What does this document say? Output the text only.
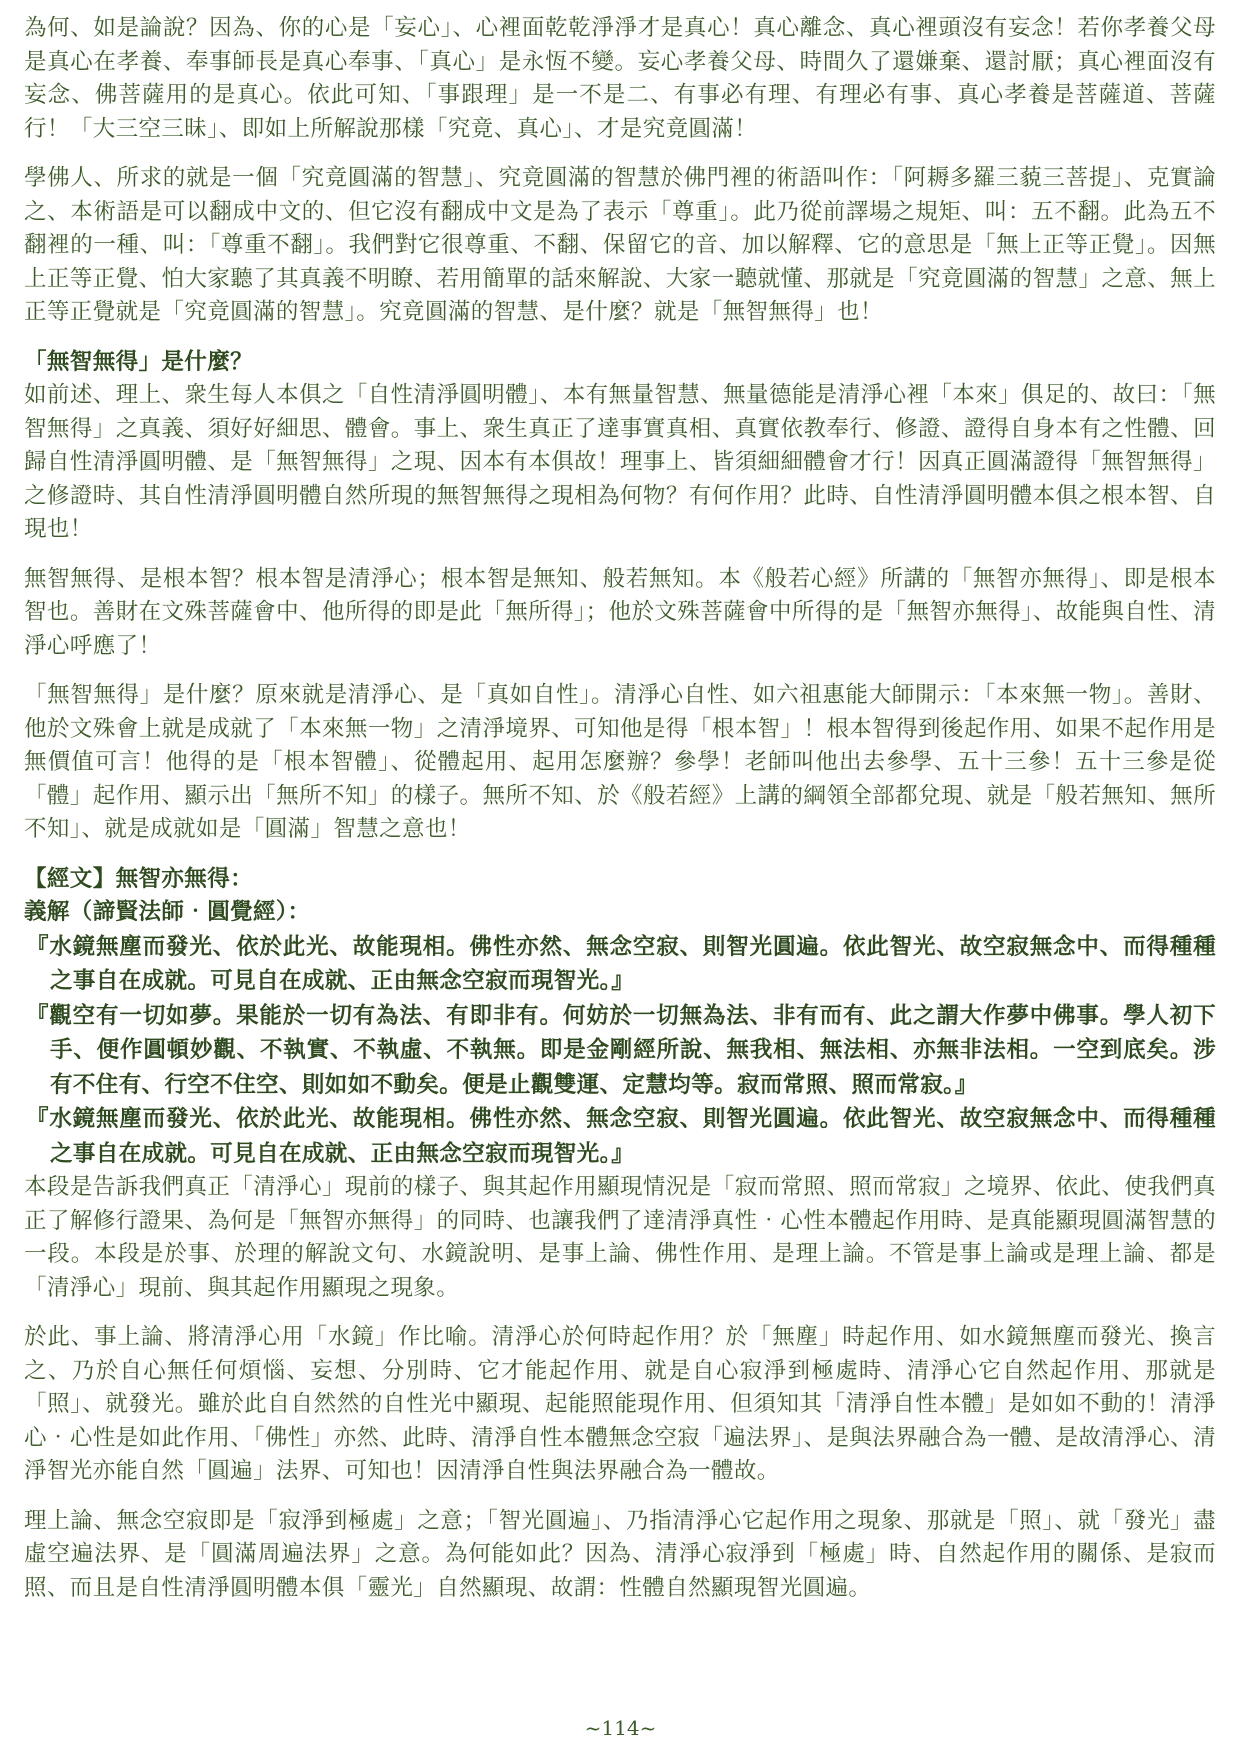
為何、如是論說？因為、你的心是「妄心」、心裡面乾乾淨淨才是真心！真心離念、真心裡頭沒有妄念！若你孝養父母是真心在孝養、奉事師長是真心奉事、「真心」是永恆不變。妄心孝養父母、時間久了還嫌棄、還討厭；真心裡面沒有妄念、佛菩薩用的是真心。依此可知、「事跟理」是一不是二、有事必有理、有理必有事、真心孝養是菩薩道、菩薩行！「大三空三昧」、即如上所解說那樣「究竟、真心」、才是究竟圓滿！

學佛人、所求的就是一個「究竟圓滿的智慧」、究竟圓滿的智慧於佛門裡的術語叫作：「阿耨多羅三藐三菩提」、克實論之、本術語是可以翻成中文的、但它沒有翻成中文是為了表示「尊重」。此乃從前譯場之規矩、叫：五不翻。此為五不翻裡的一種、叫：「尊重不翻」。我們對它很尊重、不翻、保留它的音、加以解釋、它的意思是「無上正等正覺」。因無上正等正覺、怕大家聽了其真義不明瞭、若用簡單的話來解說、大家一聽就懂、那就是「究竟圓滿的智慧」之意、無上正等正覺就是「究竟圓滿的智慧」。究竟圓滿的智慧、是什麼？就是「無智無得」也！

「無智無得」是什麼？

如前述、理上、衆生每人本俱之「自性清淨圓明體」、本有無量智慧、無量德能是清淨心裡「本來」俱足的、故曰：「無智無得」之真義、須好好細思、體會。事上、衆生真正了達事實真相、真實依教奉行、修證、證得自身本有之性體、回歸自性清淨圓明體、是「無智無得」之現、因本有本俱故！理事上、皆須細細體會才行！因真正圓滿證得「無智無得」之修證時、其自性清淨圓明體自然所現的無智無得之現相為何物？有何作用？此時、自性清淨圓明體本俱之根本智、自現也！

無智無得、是根本智？根本智是清淨心；根本智是無知、般若無知。本《般若心經》所講的「無智亦無得」、即是根本智也。善財在文殊菩薩會中、他所得的即是此「無所得」；他於文殊菩薩會中所得的是「無智亦無得」、故能與自性、清淨心呼應了！

「無智無得」是什麼？原來就是清淨心、是「真如自性」。清淨心自性、如六祖惠能大師開示：「本來無一物」。善財、他於文殊會上就是成就了「本來無一物」之清淨境界、可知他是得「根本智」！根本智得到後起作用、如果不起作用是無價值可言！他得的是「根本智體」、從體起用、起用怎麼辦？參學！老師叫他出去參學、五十三參！五十三參是從「體」起作用、顯示出「無所不知」的樣子。無所不知、於《般若經》上講的綱領全部都兌現、就是「般若無知、無所不知」、就是成就如是「圓滿」智慧之意也！

【經文】無智亦無得：

義解（諦賢法師‧圓覺經）：

『水鏡無塵而發光、依於此光、故能現相。佛性亦然、無念空寂、則智光圓遍。依此智光、故空寂無念中、而得種種之事自在成就。可見自在成就、正由無念空寂而現智光。』

『觀空有一切如夢。果能於一切有為法、有即非有。何妨於一切無為法、非有而有、此之謂大作夢中佛事。學人初下手、便作圓頓妙觀、不執實、不執虛、不執無。即是金剛經所說、無我相、無法相、亦無非法相。一空到底矣。涉有不住有、行空不住空、則如如不動矣。便是止觀雙運、定慧均等。寂而常照、照而常寂。』

『水鏡無塵而發光、依於此光、故能現相。佛性亦然、無念空寂、則智光圓遍。依此智光、故空寂無念中、而得種種之事自在成就。可見自在成就、正由無念空寂而現智光。』

本段是告訴我們真正「清淨心」現前的樣子、與其起作用顯現情況是「寂而常照、照而常寂」之境界、依此、使我們真正了解修行證果、為何是「無智亦無得」的同時、也讓我們了達清淨真性‧心性本體起作用時、是真能顯現圓滿智慧的一段。本段是於事、於理的解說文句、水鏡說明、是事上論、佛性作用、是理上論。不管是事上論或是理上論、都是「清淨心」現前、與其起作用顯現之現象。

於此、事上論、將清淨心用「水鏡」作比喻。清淨心於何時起作用？於「無塵」時起作用、如水鏡無塵而發光、換言之、乃於自心無任何煩惱、妄想、分別時、它才能起作用、就是自心寂淨到極處時、清淨心它自然起作用、那就是「照」、就發光。雖於此自自然然的自性光中顯現、起能照能現作用、但須知其「清淨自性本體」是如如不動的！清淨心‧心性是如此作用、「佛性」亦然、此時、清淨自性本體無念空寂「遍法界」、是與法界融合為一體、是故清淨心、清淨智光亦能自然「圓遍」法界、可知也！因清淨自性與法界融合為一體故。

理上論、無念空寂即是「寂淨到極處」之意；「智光圓遍」、乃指清淨心它起作用之現象、那就是「照」、就「發光」盡虛空遍法界、是「圓滿周遍法界」之意。為何能如此？因為、清淨心寂淨到「極處」時、自然起作用的關係、是寂而照、而且是自性清淨圓明體本俱「靈光」自然顯現、故謂：性體自然顯現智光圓遍。

~114~
